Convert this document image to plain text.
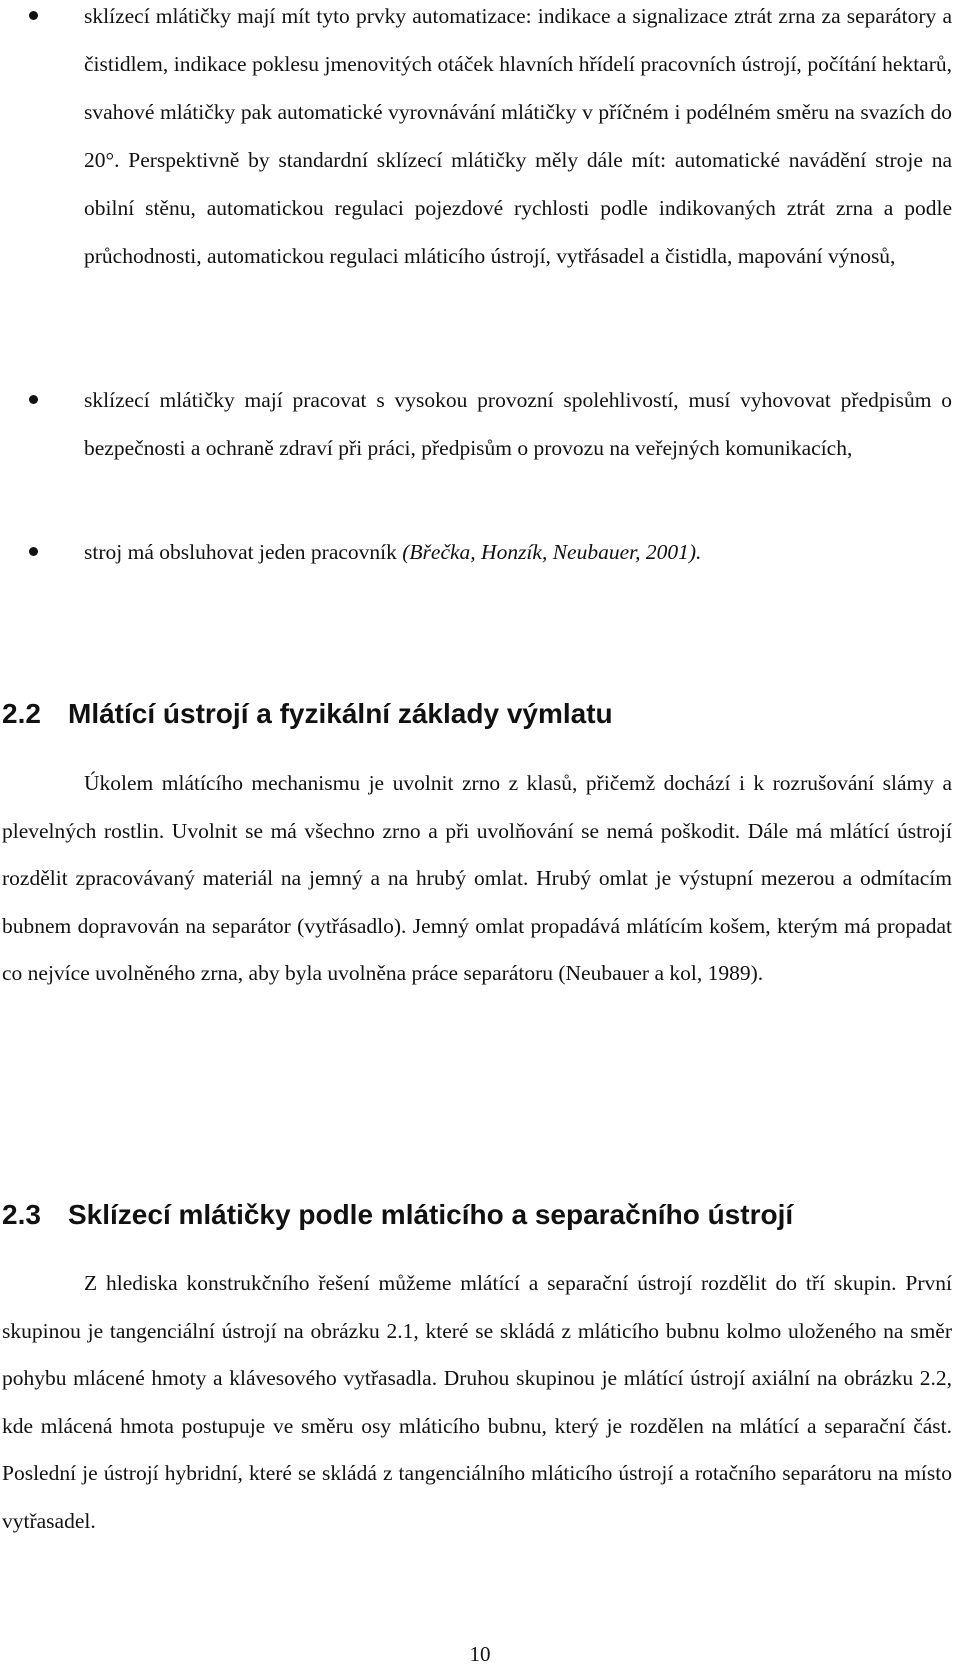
sklízecí mlátičky mají mít tyto prvky automatizace: indikace a signalizace ztrát zrna za separátory a čistidlem, indikace poklesu jmenovitých otáček hlavních hřídelí pracovních ústrojí, počítání hektarů, svahové mlátičky pak automatické vyrovnávání mlátičky v příčném i podélném směru na svazích do 20°. Perspektivně by standardní sklízecí mlátičky měly dále mít: automatické navádění stroje na obilní stěnu, automatickou regulaci pojezdové rychlosti podle indikovaných ztrát zrna a podle průchodnosti, automatickou regulaci mláticího ústrojí, vytřásadel a čistidla, mapování výnosů,

sklízecí mlátičky mají pracovat s vysokou provozní spolehlivostí, musí vyhovovat předpisům o bezpečnosti a ochraně zdraví při práci, předpisům o provozu na veřejných komunikacích,

stroj má obsluhovat jeden pracovník (Břečka, Honzík, Neubauer, 2001).

2.2 Mlátící ústrojí a fyzikální základy výmlatu

Úkolem mlátícího mechanismu je uvolnit zrno z klasů, přičemž dochází i k rozrušování slámy a plevelných rostlin. Uvolnit se má všechno zrno a při uvolňování se nemá poškodit. Dále má mlátící ústrojí rozdělit zpracovávaný materiál na jemný a na hrubý omlat. Hrubý omlat je výstupní mezerou a odmítacím bubnem dopravován na separátor (vytřásadlo). Jemný omlat propadává mlátícím košem, kterým má propadat co nejvíce uvolněného zrna, aby byla uvolněna práce separátoru (Neubauer a kol, 1989).

2.3 Sklízecí mlátičky podle mláticího a separačního ústrojí

Z hlediska konstrukčního řešení můžeme mlátící a separační ústrojí rozdělit do tří skupin. První skupinou je tangenciální ústrojí na obrázku 2.1, které se skládá z mláticího bubnu kolmo uloženého na směr pohybu mlácené hmoty a klávesového vytřasadla. Druhou skupinou je mlátící ústrojí axiální na obrázku 2.2, kde mlácená hmota postupuje ve směru osy mláticího bubnu, který je rozdělen na mlátící a separační část. Poslední je ústrojí hybridní, které se skládá z tangenciálního mláticího ústrojí a rotačního separátoru na místo vytřasadel.

10
